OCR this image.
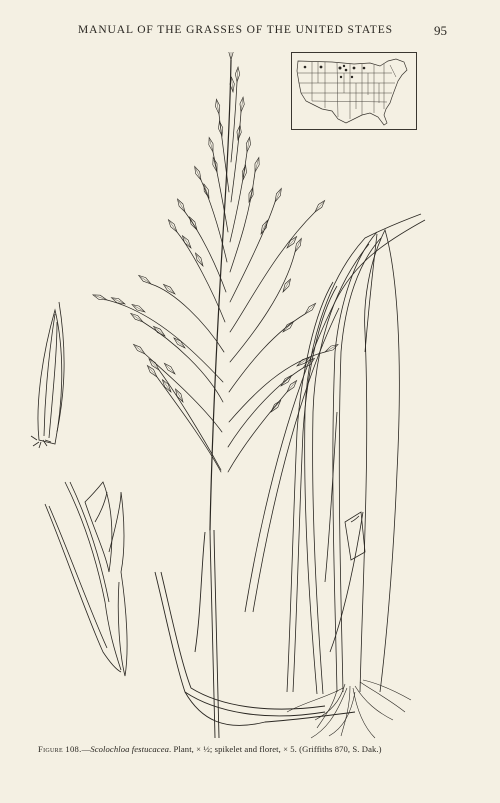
MANUAL OF THE GRASSES OF THE UNITED STATES	95
Figure 108.—Scolochloa festucacea. Plant, × ½; spikelet and floret, × 5. (Griffiths 870, S. Dak.)
